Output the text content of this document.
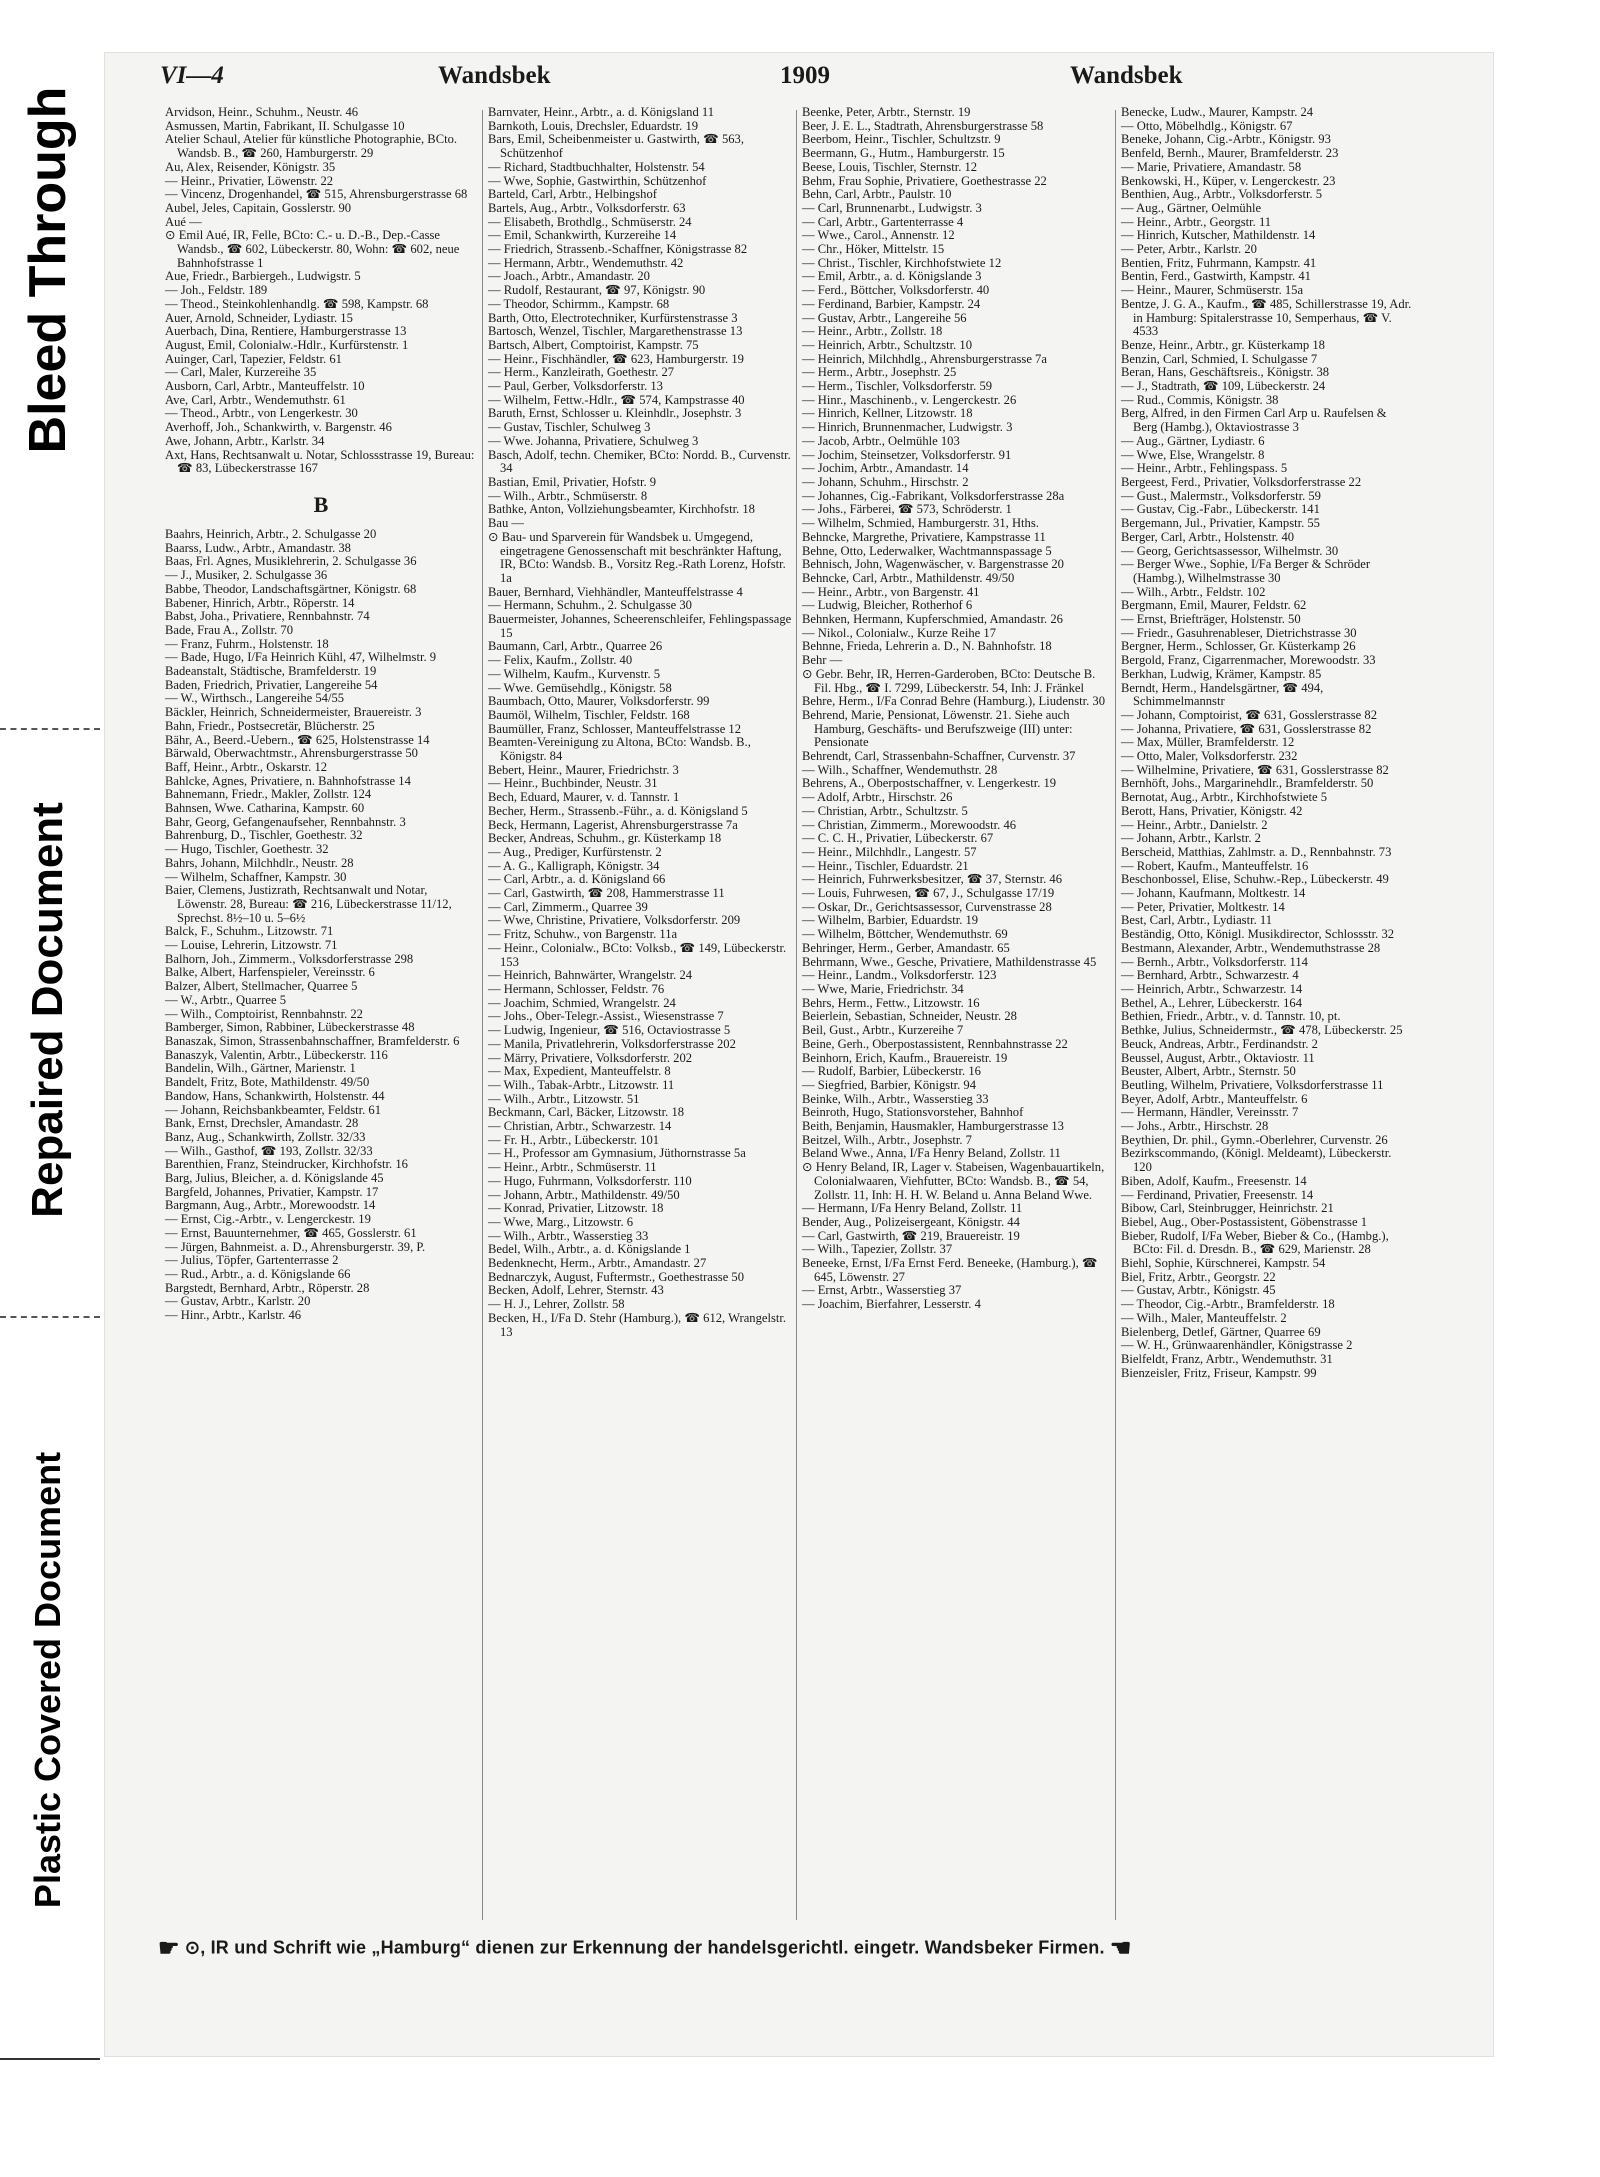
Bleed Through
Repaired Document
Plastic Covered Document
VI—4	Wandsbek	1909	Wandsbek

Arvidson, Heinr., Schuhm., Neustr. 46

Asmussen, Martin, Fabrikant, II. Schulgasse 10

Atelier Schaul, Atelier für künstliche Photographie, BCto. Wandsb. B., ☎ 260, Hamburgerstr. 29

Au, Alex, Reisender, Königstr. 35

— Heinr., Privatier, Löwenstr. 22

— Vincenz, Drogenhandel, ☎ 515, Ahrensburgerstrasse 68

Aubel, Jeles, Capitain, Gosslerstr. 90

Aué —

⊙ Emil Aué, IR, Felle, BCto: C.- u. D.-B., Dep.-Casse Wandsb., ☎ 602, Lübeckerstr. 80, Wohn: ☎ 602, neue Bahnhofstrasse 1

Aue, Friedr., Barbiergeh., Ludwigstr. 5

— Joh., Feldstr. 189

— Theod., Steinkohlenhandlg. ☎ 598, Kampstr. 68

Auer, Arnold, Schneider, Lydiastr. 15

Auerbach, Dina, Rentiere, Hamburgerstrasse 13

August, Emil, Colonialw.-Hdlr., Kurfürstenstr. 1

Auinger, Carl, Tapezier, Feldstr. 61

— Carl, Maler, Kurzereihe 35

Ausborn, Carl, Arbtr., Manteuffelstr. 10

Ave, Carl, Arbtr., Wendemuthstr. 61

— Theod., Arbtr., von Lengerkestr. 30

Averhoff, Joh., Schankwirth, v. Bargenstr. 46

Awe, Johann, Arbtr., Karlstr. 34

Axt, Hans, Rechtsanwalt u. Notar, Schlossstrasse 19, Bureau: ☎ 83, Lübeckerstrasse 167

B

Baahrs, Heinrich, Arbtr., 2. Schulgasse 20

Baarss, Ludw., Arbtr., Amandastr. 38

Baas, Frl. Agnes, Musiklehrerin, 2. Schulgasse 36

— J., Musiker, 2. Schulgasse 36

Babbe, Theodor, Landschaftsgärtner, Königstr. 68

Babener, Hinrich, Arbtr., Röperstr. 14

Babst, Joha., Privatiere, Rennbahnstr. 74

Bade, Frau A., Zollstr. 70

— Franz, Fuhrm., Holstenstr. 18

— Bade, Hugo, I/Fa Heinrich Kühl, 47, Wilhelmstr. 9

Badeanstalt, Städtische, Bramfelderstr. 19

Baden, Friedrich, Privatier, Langereihe 54

— W., Wirthsch., Langereihe 54/55

Bäckler, Heinrich, Schneidermeister, Brauereistr. 3

Bahn, Friedr., Postsecretär, Blücherstr. 25

Bähr, A., Beerd.-Uebern., ☎ 625, Holstenstrasse 14

Bärwald, Oberwachtmstr., Ahrensburgerstrasse 50

Baff, Heinr., Arbtr., Oskarstr. 12

Bahlcke, Agnes, Privatiere, n. Bahnhofstrasse 14

Bahnemann, Friedr., Makler, Zollstr. 124

Bahnsen, Wwe. Catharina, Kampstr. 60

Bahr, Georg, Gefangenaufseher, Rennbahnstr. 3

Bahrenburg, D., Tischler, Goethestr. 32

— Hugo, Tischler, Goethestr. 32

Bahrs, Johann, Milchhdlr., Neustr. 28

— Wilhelm, Schaffner, Kampstr. 30

Baier, Clemens, Justizrath, Rechtsanwalt und Notar, Löwenstr. 28, Bureau: ☎ 216, Lübeckerstrasse 11/12, Sprechst. 8½–10 u. 5–6½

Balck, F., Schuhm., Litzowstr. 71

— Louise, Lehrerin, Litzowstr. 71

Balhorn, Joh., Zimmerm., Volksdorferstrasse 298

Balke, Albert, Harfenspieler, Vereinsstr. 6

Balzer, Albert, Stellmacher, Quarree 5

— W., Arbtr., Quarree 5

— Wilh., Comptoirist, Rennbahnstr. 22

Bamberger, Simon, Rabbiner, Lübeckerstrasse 48

Banaszak, Simon, Strassenbahnschaffner, Bramfelderstr. 6

Banaszyk, Valentin, Arbtr., Lübeckerstr. 116

Bandelin, Wilh., Gärtner, Marienstr. 1

Bandelt, Fritz, Bote, Mathildenstr. 49/50

Bandow, Hans, Schankwirth, Holstenstr. 44

— Johann, Reichsbankbeamter, Feldstr. 61

Bank, Ernst, Drechsler, Amandastr. 28

Banz, Aug., Schankwirth, Zollstr. 32/33

— Wilh., Gasthof, ☎ 193, Zollstr. 32/33

Barenthien, Franz, Steindrucker, Kirchhofstr. 16

Barg, Julius, Bleicher, a. d. Königslande 45

Bargfeld, Johannes, Privatier, Kampstr. 17

Bargmann, Aug., Arbtr., Morewoodstr. 14

— Ernst, Cig.-Arbtr., v. Lengerckestr. 19

— Ernst, Bauunternehmer, ☎ 465, Gosslerstr. 61

— Jürgen, Bahnmeist. a. D., Ahrensburgerstr. 39, P.

— Julius, Töpfer, Gartenterrasse 2

— Rud., Arbtr., a. d. Königslande 66

Bargstedt, Bernhard, Arbtr., Röperstr. 28

— Gustav, Arbtr., Karlstr. 20

— Hinr., Arbtr., Karlstr. 46

Barnvater, Heinr., Arbtr., a. d. Königsland 11

Barnkoth, Louis, Drechsler, Eduardstr. 19

Bars, Emil, Scheibenmeister u. Gastwirth, ☎ 563, Schützenhof

— Richard, Stadtbuchhalter, Holstenstr. 54

— Wwe, Sophie, Gastwirthin, Schützenhof

Barteld, Carl, Arbtr., Helbingshof

Bartels, Aug., Arbtr., Volksdorferstr. 63

— Elisabeth, Brothdlg., Schmüserstr. 24

— Emil, Schankwirth, Kurzereihe 14

— Friedrich, Strassenb.-Schaffner, Königstrasse 82

— Hermann, Arbtr., Wendemuthstr. 42

— Joach., Arbtr., Amandastr. 20

— Rudolf, Restaurant, ☎ 97, Königstr. 90

— Theodor, Schirmm., Kampstr. 68

Barth, Otto, Electrotechniker, Kurfürstenstrasse 3

Bartosch, Wenzel, Tischler, Margarethenstrasse 13

Bartsch, Albert, Comptoirist, Kampstr. 75

— Heinr., Fischhändler, ☎ 623, Hamburgerstr. 19

— Herm., Kanzleirath, Goethestr. 27

— Paul, Gerber, Volksdorferstr. 13

— Wilhelm, Fettw.-Hdlr., ☎ 574, Kampstrasse 40

Baruth, Ernst, Schlosser u. Kleinhdlr., Josephstr. 3

— Gustav, Tischler, Schulweg 3

— Wwe. Johanna, Privatiere, Schulweg 3

Basch, Adolf, techn. Chemiker, BCto: Nordd. B., Curvenstr. 34

Bastian, Emil, Privatier, Hofstr. 9

— Wilh., Arbtr., Schmüserstr. 8

Bathke, Anton, Vollziehungsbeamter, Kirchhofstr. 18

Bau —

⊙ Bau- und Sparverein für Wandsbek u. Umgegend, eingetragene Genossenschaft mit beschränkter Haftung, IR, BCto: Wandsb. B., Vorsitz Reg.-Rath Lorenz, Hofstr. 1a

Bauer, Bernhard, Viehhändler, Manteuffelstrasse 4

— Hermann, Schuhm., 2. Schulgasse 30

Bauermeister, Johannes, Scheerenschleifer, Fehlingspassage 15

Baumann, Carl, Arbtr., Quarree 26

— Felix, Kaufm., Zollstr. 40

— Wilhelm, Kaufm., Kurvenstr. 5

— Wwe. Gemüsehdlg., Königstr. 58

Baumbach, Otto, Maurer, Volksdorferstr. 99

Baumöl, Wilhelm, Tischler, Feldstr. 168

Baumüller, Franz, Schlosser, Manteuffelstrasse 12

Beamten-Vereinigung zu Altona, BCto: Wandsb. B., Königstr. 84

Bebert, Heinr., Maurer, Friedrichstr. 3

— Heinr., Buchbinder, Neustr. 31

Bech, Eduard, Maurer, v. d. Tannstr. 1

Becher, Herm., Strassenb.-Führ., a. d. Königsland 5

Beck, Hermann, Lagerist, Ahrensburgerstrasse 7a

Becker, Andreas, Schuhm., gr. Küsterkamp 18

— Aug., Prediger, Kurfürstenstr. 2

— A. G., Kalligraph, Königstr. 34

— Carl, Arbtr., a. d. Königsland 66

— Carl, Gastwirth, ☎ 208, Hammerstrasse 11

— Carl, Zimmerm., Quarree 39

— Wwe, Christine, Privatiere, Volksdorferstr. 209

— Fritz, Schuhw., von Bargenstr. 11a

— Heinr., Colonialw., BCto: Volksb., ☎ 149, Lübeckerstr. 153

— Heinrich, Bahnwärter, Wrangelstr. 24

— Hermann, Schlosser, Feldstr. 76

— Joachim, Schmied, Wrangelstr. 24

— Johs., Ober-Telegr.-Assist., Wiesenstrasse 7

— Ludwig, Ingenieur, ☎ 516, Octaviostrasse 5

— Manila, Privatlehrerin, Volksdorferstrasse 202

— Märry, Privatiere, Volksdorferstr. 202

— Max, Expedient, Manteuffelstr. 8

— Wilh., Tabak-Arbtr., Litzowstr. 11

— Wilh., Arbtr., Litzowstr. 51

Beckmann, Carl, Bäcker, Litzowstr. 18

— Christian, Arbtr., Schwarzestr. 14

— Fr. H., Arbtr., Lübeckerstr. 101

— H., Professor am Gymnasium, Jüthornstrasse 5a

— Heinr., Arbtr., Schmüserstr. 11

— Hugo, Fuhrmann, Volksdorferstr. 110

— Johann, Arbtr., Mathildenstr. 49/50

— Konrad, Privatier, Litzowstr. 18

— Wwe, Marg., Litzowstr. 6

— Wilh., Arbtr., Wasserstieg 33

Bedel, Wilh., Arbtr., a. d. Königslande 1

Bedenknecht, Herm., Arbtr., Amandastr. 27

Bednarczyk, August, Fuftermstr., Goethestrasse 50

Becken, Adolf, Lehrer, Sternstr. 43

— H. J., Lehrer, Zollstr. 58

Becken, H., I/Fa D. Stehr (Hamburg.), ☎ 612, Wrangelstr. 13

Beenke, Peter, Arbtr., Sternstr. 19

Beer, J. E. L., Stadtrath, Ahrensburgerstrasse 58

Beerbom, Heinr., Tischler, Schultzstr. 9

Beermann, G., Hutm., Hamburgerstr. 15

Beese, Louis, Tischler, Sternstr. 12

Behm, Frau Sophie, Privatiere, Goethestrasse 22

Behn, Carl, Arbtr., Paulstr. 10

— Carl, Brunnenarbt., Ludwigstr. 3

— Carl, Arbtr., Gartenterrasse 4

— Wwe., Carol., Annenstr. 12

— Chr., Höker, Mittelstr. 15

— Christ., Tischler, Kirchhofstwiete 12

— Emil, Arbtr., a. d. Königslande 3

— Ferd., Böttcher, Volksdorferstr. 40

— Ferdinand, Barbier, Kampstr. 24

— Gustav, Arbtr., Langereihe 56

— Heinr., Arbtr., Zollstr. 18

— Heinrich, Arbtr., Schultzstr. 10

— Heinrich, Milchhdlg., Ahrensburgerstrasse 7a

— Herm., Arbtr., Josephstr. 25

— Herm., Tischler, Volksdorferstr. 59

— Hinr., Maschinenb., v. Lengerckestr. 26

— Hinrich, Kellner, Litzowstr. 18

— Hinrich, Brunnenmacher, Ludwigstr. 3

— Jacob, Arbtr., Oelmühle 103

— Jochim, Steinsetzer, Volksdorferstr. 91

— Jochim, Arbtr., Amandastr. 14

— Johann, Schuhm., Hirschstr. 2

— Johannes, Cig.-Fabrikant, Volksdorferstrasse 28a

— Johs., Färberei, ☎ 573, Schröderstr. 1

— Wilhelm, Schmied, Hamburgerstr. 31, Hths.

Behncke, Margrethe, Privatiere, Kampstrasse 11

Behne, Otto, Lederwalker, Wachtmannspassage 5

Behnisch, John, Wagenwäscher, v. Bargenstrasse 20

Behncke, Carl, Arbtr., Mathildenstr. 49/50

— Heinr., Arbtr., von Bargenstr. 41

— Ludwig, Bleicher, Rotherhof 6

Behnken, Hermann, Kupferschmied, Amandastr. 26

— Nikol., Colonialw., Kurze Reihe 17

Behnne, Frieda, Lehrerin a. D., N. Bahnhofstr. 18

Behr —

⊙ Gebr. Behr, IR, Herren-Garderoben, BCto: Deutsche B. Fil. Hbg., ☎ I. 7299, Lübeckerstr. 54, Inh: J. Fränkel

Behre, Herm., I/Fa Conrad Behre (Hamburg.), Liudenstr. 30

Behrend, Marie, Pensionat, Löwenstr. 21. Siehe auch Hamburg, Geschäfts- und Berufszweige (III) unter: Pensionate

Behrendt, Carl, Strassenbahn-Schaffner, Curvenstr. 37

— Wilh., Schaffner, Wendemuthstr. 28

Behrens, A., Oberpostschaffner, v. Lengerkestr. 19

— Adolf, Arbtr., Hirschstr. 26

— Christian, Arbtr., Schultzstr. 5

— Christian, Zimmerm., Morewoodstr. 46

— C. C. H., Privatier, Lübeckerstr. 67

— Heinr., Milchhdlr., Langestr. 57

— Heinr., Tischler, Eduardstr. 21

— Heinrich, Fuhrwerksbesitzer, ☎ 37, Sternstr. 46

— Louis, Fuhrwesen, ☎ 67, J., Schulgasse 17/19

— Oskar, Dr., Gerichtsassessor, Curvenstrasse 28

— Wilhelm, Barbier, Eduardstr. 19

— Wilhelm, Böttcher, Wendemuthstr. 69

Behringer, Herm., Gerber, Amandastr. 65

Behrmann, Wwe., Gesche, Privatiere, Mathildenstrasse 45

— Heinr., Landm., Volksdorferstr. 123

— Wwe, Marie, Friedrichstr. 34

Behrs, Herm., Fettw., Litzowstr. 16

Beierlein, Sebastian, Schneider, Neustr. 28

Beil, Gust., Arbtr., Kurzereihe 7

Beine, Gerh., Oberpostassistent, Rennbahnstrasse 22

Beinhorn, Erich, Kaufm., Brauereistr. 19

— Rudolf, Barbier, Lübeckerstr. 16

— Siegfried, Barbier, Königstr. 94

Beinke, Wilh., Arbtr., Wasserstieg 33

Beinroth, Hugo, Stationsvorsteher, Bahnhof

Beith, Benjamin, Hausmakler, Hamburgerstrasse 13

Beitzel, Wilh., Arbtr., Josephstr. 7

Beland Wwe., Anna, I/Fa Henry Beland, Zollstr. 11

⊙ Henry Beland, IR, Lager v. Stabeisen, Wagenbauartikeln, Colonialwaaren, Viehfutter, BCto: Wandsb. B., ☎ 54, Zollstr. 11, Inh: H. H. W. Beland u. Anna Beland Wwe.

— Hermann, I/Fa Henry Beland, Zollstr. 11

Bender, Aug., Polizeisergeant, Königstr. 44

— Carl, Gastwirth, ☎ 219, Brauereistr. 19

— Wilh., Tapezier, Zollstr. 37

Beneeke, Ernst, I/Fa Ernst Ferd. Beneeke, (Hamburg.), ☎ 645, Löwenstr. 27

— Ernst, Arbtr., Wasserstieg 37

— Joachim, Bierfahrer, Lesserstr. 4

Benecke, Ludw., Maurer, Kampstr. 24

— Otto, Möbelhdlg., Königstr. 67

Beneke, Johann, Cig.-Arbtr., Königstr. 93

Benfeld, Bernh., Maurer, Bramfelderstr. 23

— Marie, Privatiere, Amandastr. 58

Benkowski, H., Küper, v. Lengerckestr. 23

Benthien, Aug., Arbtr., Volksdorferstr. 5

— Aug., Gärtner, Oelmühle

— Heinr., Arbtr., Georgstr. 11

— Hinrich, Kutscher, Mathildenstr. 14

— Peter, Arbtr., Karlstr. 20

Bentien, Fritz, Fuhrmann, Kampstr. 41

Bentin, Ferd., Gastwirth, Kampstr. 41

— Heinr., Maurer, Schmüserstr. 15a

Bentze, J. G. A., Kaufm., ☎ 485, Schillerstrasse 19, Adr. in Hamburg: Spitalerstrasse 10, Semperhaus, ☎ V. 4533

Benze, Heinr., Arbtr., gr. Küsterkamp 18

Benzin, Carl, Schmied, I. Schulgasse 7

Beran, Hans, Geschäftsreis., Königstr. 38

— J., Stadtrath, ☎ 109, Lübeckerstr. 24

— Rud., Commis, Königstr. 38

Berg, Alfred, in den Firmen Carl Arp u. Raufelsen & Berg (Hambg.), Oktaviostrasse 3

— Aug., Gärtner, Lydiastr. 6

— Wwe, Else, Wrangelstr. 8

— Heinr., Arbtr., Fehlingspass. 5

Bergeest, Ferd., Privatier, Volksdorferstrasse 22

— Gust., Malermstr., Volksdorferstr. 59

— Gustav, Cig.-Fabr., Lübeckerstr. 141

Bergemann, Jul., Privatier, Kampstr. 55

Berger, Carl, Arbtr., Holstenstr. 40

— Georg, Gerichtsassessor, Wilhelmstr. 30

— Berger Wwe., Sophie, I/Fa Berger & Schröder (Hambg.), Wilhelmstrasse 30

— Wilh., Arbtr., Feldstr. 102

Bergmann, Emil, Maurer, Feldstr. 62

— Ernst, Briefträger, Holstenstr. 50

— Friedr., Gasuhrenableser, Dietrichstrasse 30

Bergner, Herm., Schlosser, Gr. Küsterkamp 26

Bergold, Franz, Cigarrenmacher, Morewoodstr. 33

Berkhan, Ludwig, Krämer, Kampstr. 85

Berndt, Herm., Handelsgärtner, ☎ 494, Schimmelmannstr

— Johann, Comptoirist, ☎ 631, Gosslerstrasse 82

— Johanna, Privatiere, ☎ 631, Gosslerstrasse 82

— Max, Müller, Bramfelderstr. 12

— Otto, Maler, Volksdorferstr. 232

— Wilhelmine, Privatiere, ☎ 631, Gosslerstrasse 82

Bernhöft, Johs., Margarinehdlr., Bramfelderstr. 50

Bernotat, Aug., Arbtr., Kirchhofstwiete 5

Berott, Hans, Privatier, Königstr. 42

— Heinr., Arbtr., Danielstr. 2

— Johann, Arbtr., Karlstr. 2

Berscheid, Matthias, Zahlmstr. a. D., Rennbahnstr. 73

— Robert, Kaufm., Manteuffelstr. 16

Beschonbossel, Elise, Schuhw.-Rep., Lübeckerstr. 49

— Johann, Kaufmann, Moltkestr. 14

— Peter, Privatier, Moltkestr. 14

Best, Carl, Arbtr., Lydiastr. 11

Beständig, Otto, Königl. Musikdirector, Schlossstr. 32

Bestmann, Alexander, Arbtr., Wendemuthstrasse 28

— Bernh., Arbtr., Volksdorferstr. 114

— Bernhard, Arbtr., Schwarzestr. 4

— Heinrich, Arbtr., Schwarzestr. 14

Bethel, A., Lehrer, Lübeckerstr. 164

Bethien, Friedr., Arbtr., v. d. Tannstr. 10, pt.

Bethke, Julius, Schneidermstr., ☎ 478, Lübeckerstr. 25

Beuck, Andreas, Arbtr., Ferdinandstr. 2

Beussel, August, Arbtr., Oktaviostr. 11

Beuster, Albert, Arbtr., Sternstr. 50

Beutling, Wilhelm, Privatiere, Volksdorferstrasse 11

Beyer, Adolf, Arbtr., Manteuffelstr. 6

— Hermann, Händler, Vereinsstr. 7

— Johs., Arbtr., Hirschstr. 28

Beythien, Dr. phil., Gymn.-Oberlehrer, Curvenstr. 26

Bezirkscommando, (Königl. Meldeamt), Lübeckerstr. 120

Biben, Adolf, Kaufm., Freesenstr. 14

— Ferdinand, Privatier, Freesenstr. 14

Bibow, Carl, Steinbrugger, Heinrichstr. 21

Biebel, Aug., Ober-Postassistent, Göbenstrasse 1

Bieber, Rudolf, I/Fa Weber, Bieber & Co., (Hambg.), BCto: Fil. d. Dresdn. B., ☎ 629, Marienstr. 28

Biehl, Sophie, Kürschnerei, Kampstr. 54

Biel, Fritz, Arbtr., Georgstr. 22

— Gustav, Arbtr., Königstr. 45

— Theodor, Cig.-Arbtr., Bramfelderstr. 18

— Wilh., Maler, Manteuffelstr. 2

Bielenberg, Detlef, Gärtner, Quarree 69

— W. H., Grünwaarenhändler, Königstrasse 2

Bielfeldt, Franz, Arbtr., Wendemuthstr. 31

Bienzeisler, Fritz, Friseur, Kampstr. 99

☛ ⊙, IR und Schrift wie „Hamburg“ dienen zur Erkennung der handelsgerichtl. eingetr. Wandsbeker Firmen. ☚
